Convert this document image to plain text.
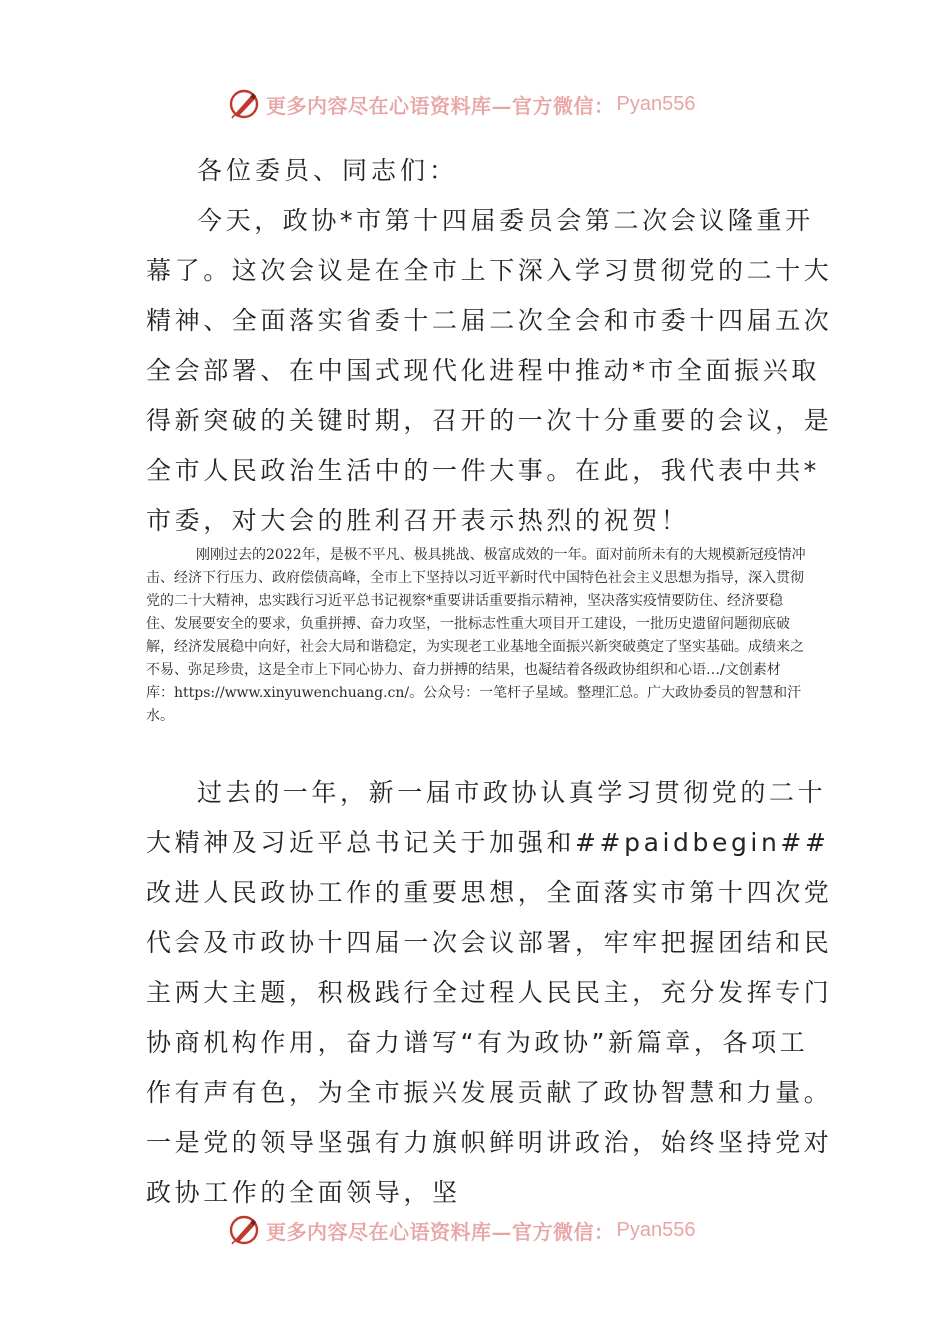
更多内容尽在心语资料库—官方微信： Pyan556
各位委员、同志们：

今天，政协*市第十四届委员会第二次会议隆重开幕了。这次会议是在全市上下深入学习贯彻党的二十大精神、全面落实省委十二届二次全会和市委十四届五次全会部署、在中国式现代化进程中推动*市全面振兴取得新突破的关键时期，召开的一次十分重要的会议，是全市人民政治生活中的一件大事。在此，我代表中共*市委，对大会的胜利召开表示热烈的祝贺！

刚刚过去的2022年，是极不平凡、极具挑战、极富成效的一年。面对前所未有的大规模新冠疫情冲击、经济下行压力、政府偿债高峰，全市上下坚持以习近平新时代中国特色社会主义思想为指导，深入贯彻党的二十大精神，忠实践行习近平总书记视察*重要讲话重要指示精神，坚决落实疫情要防住、经济要稳住、发展要安全的要求，负重拼搏、奋力攻坚，一批标志性重大项目开工建设，一批历史遗留问题彻底破解，经济发展稳中向好，社会大局和谐稳定，为实现老工业基地全面振兴新突破奠定了坚实基础。成绩来之不易、弥足珍贵，这是全市上下同心协力、奋力拼搏的结果，也凝结着各级政协组织和心语…/文创素材库：https://www.xinyuwenchuang.cn/。公众号：一笔杆子星域。整理汇总。广大政协委员的智慧和汗水。

过去的一年，新一届市政协认真学习贯彻党的二十大精神及习近平总书记关于加强和##paidbegin##改进人民政协工作的重要思想，全面落实市第十四次党代会及市政协十四届一次会议部署，牢牢把握团结和民主两大主题，积极践行全过程人民民主，充分发挥专门协商机构作用，奋力谱写“有为政协”新篇章，各项工作有声有色，为全市振兴发展贡献了政协智慧和力量。一是党的领导坚强有力旗帜鲜明讲政治，始终坚持党对政协工作的全面领导，坚

更多内容尽在心语资料库—官方微信： Pyan556
